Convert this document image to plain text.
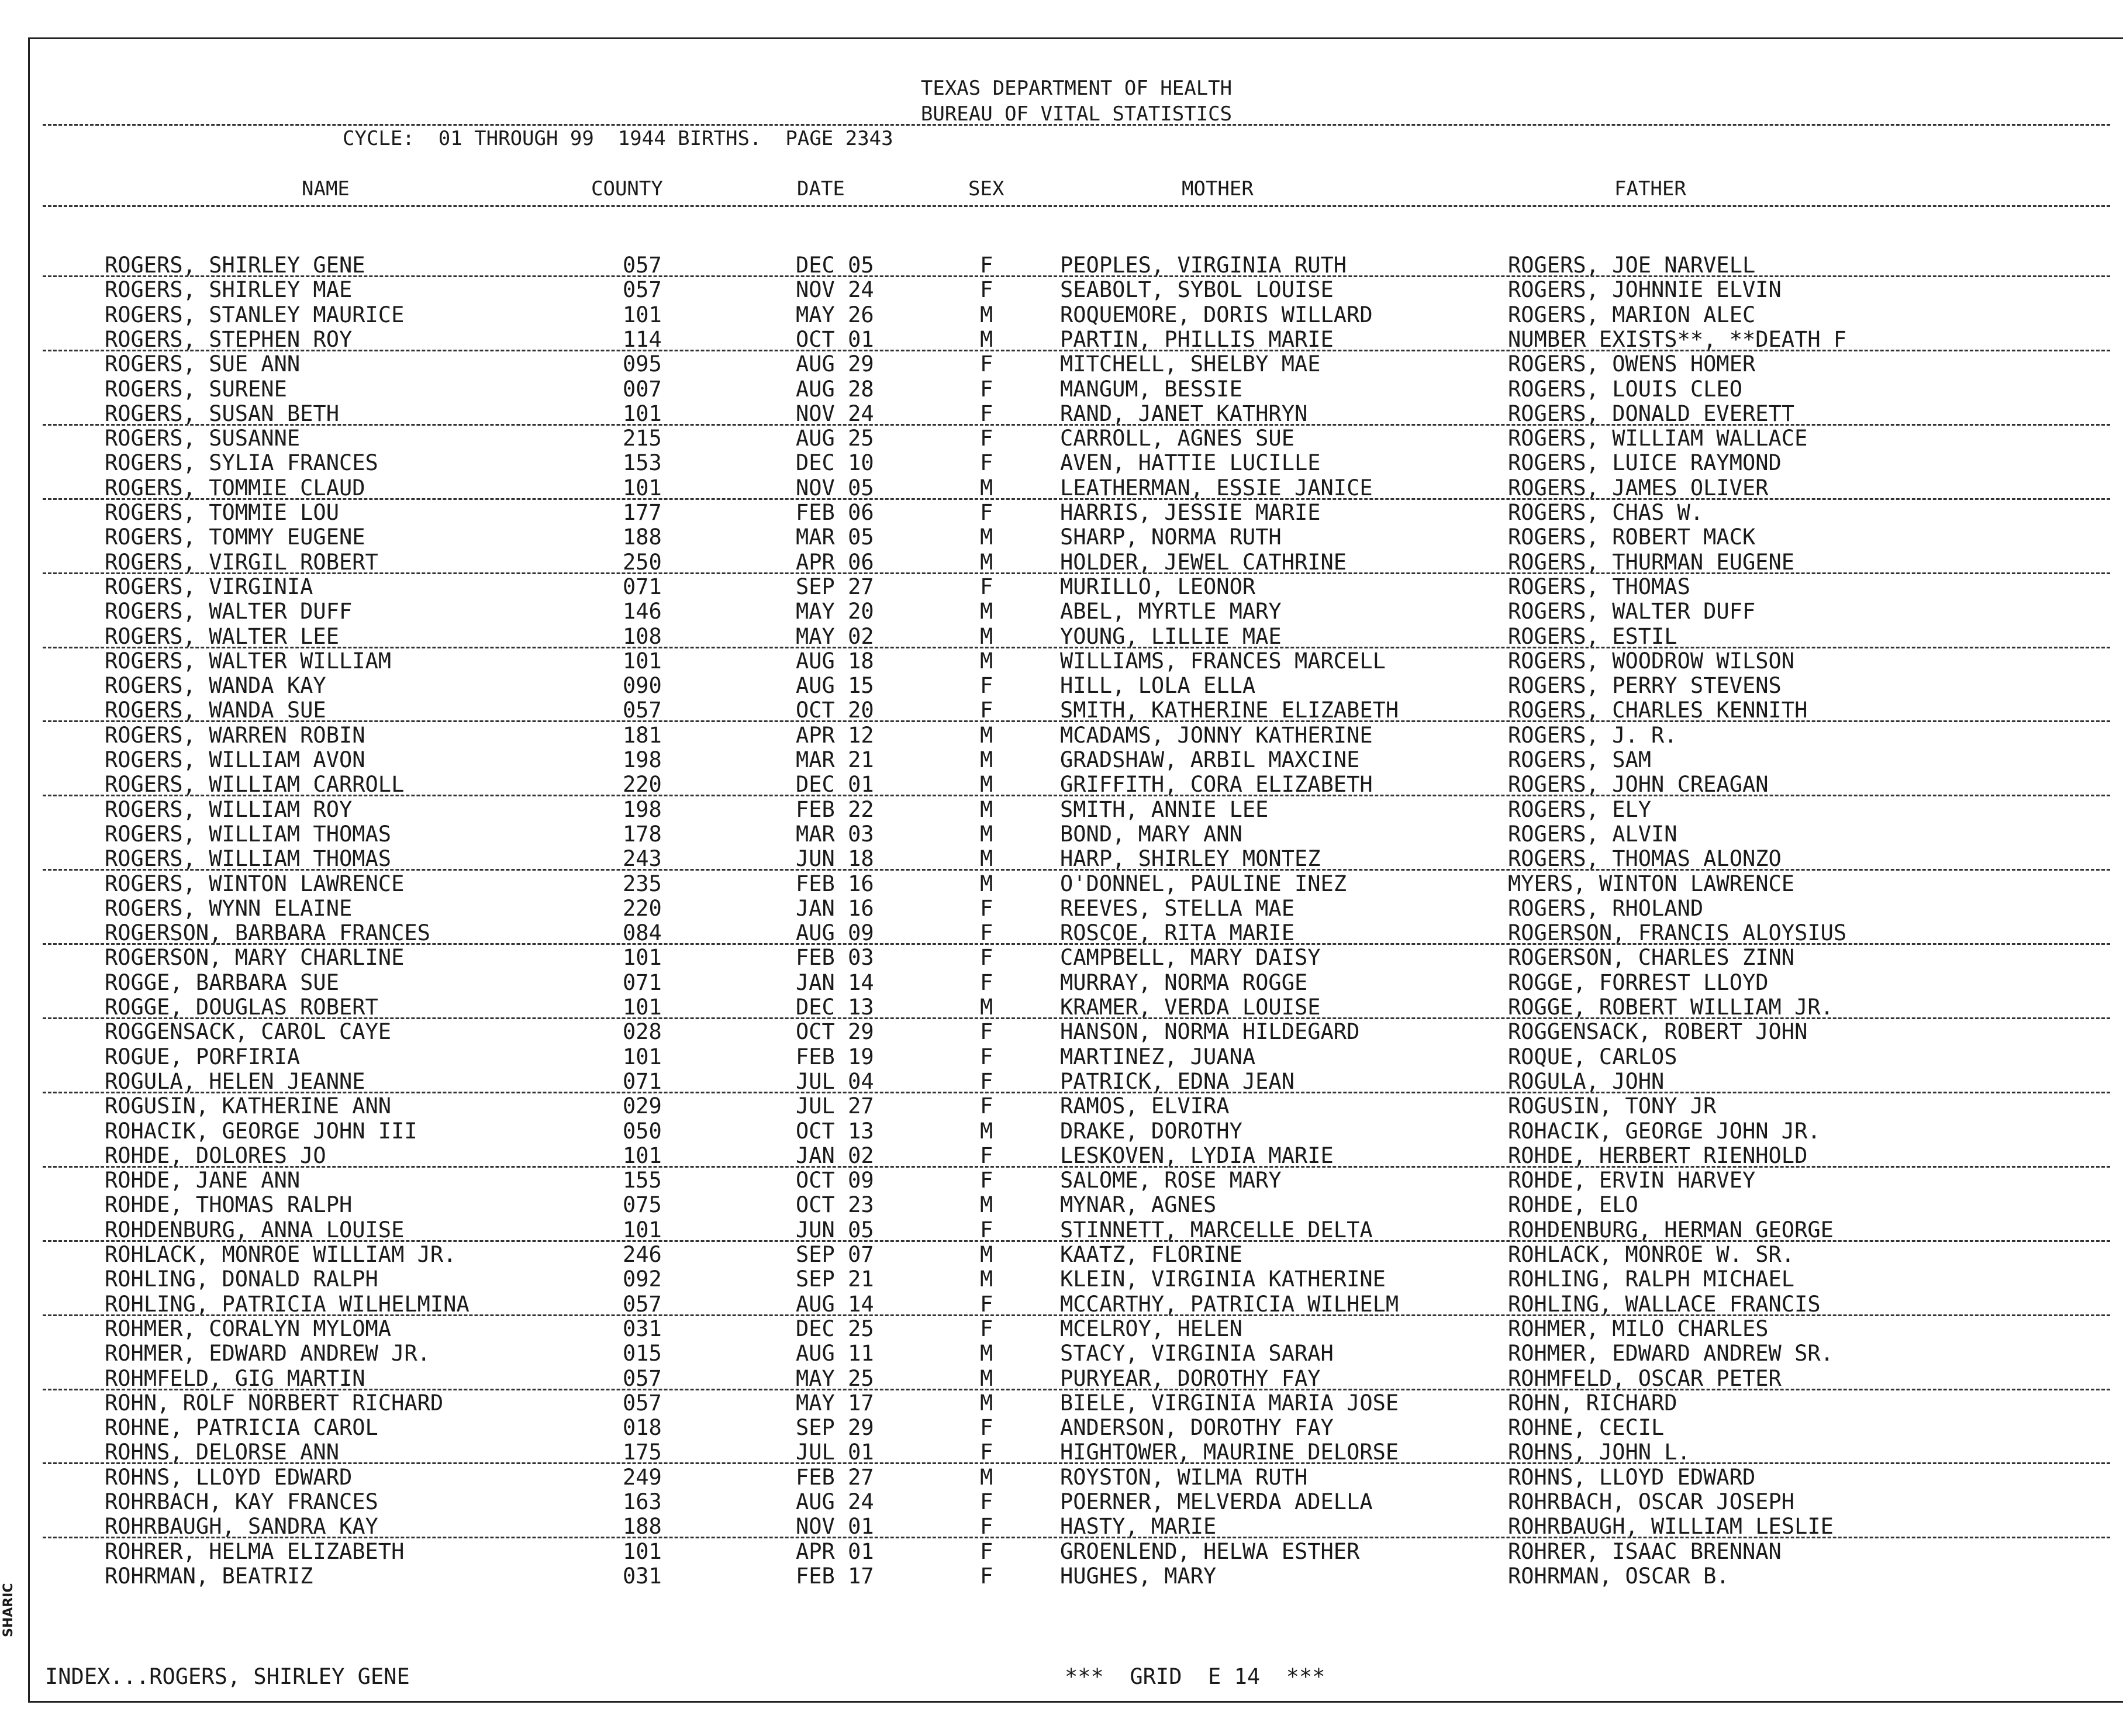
TEXAS DEPARTMENT OF HEALTH
BUREAU OF VITAL STATISTICS
CYCLE:  01 THROUGH 99  1944 BIRTHS.  PAGE 2343
NAME	COUNTY	DATE	SEX	MOTHER	FATHER
ROGERS, SHIRLEY GENE	057	DEC 05	F	PEOPLES, VIRGINIA RUTH	ROGERS, JOE NARVELL
ROGERS, SHIRLEY MAE	057	NOV 24	F	SEABOLT, SYBOL LOUISE	ROGERS, JOHNNIE ELVIN
ROGERS, STANLEY MAURICE	101	MAY 26	M	ROQUEMORE, DORIS WILLARD	ROGERS, MARION ALEC
ROGERS, STEPHEN ROY	114	OCT 01	M	PARTIN, PHILLIS MARIE	NUMBER EXISTS**, **DEATH F
ROGERS, SUE ANN	095	AUG 29	F	MITCHELL, SHELBY MAE	ROGERS, OWENS HOMER
ROGERS, SURENE	007	AUG 28	F	MANGUM, BESSIE	ROGERS, LOUIS CLEO
ROGERS, SUSAN BETH	101	NOV 24	F	RAND, JANET KATHRYN	ROGERS, DONALD EVERETT
ROGERS, SUSANNE	215	AUG 25	F	CARROLL, AGNES SUE	ROGERS, WILLIAM WALLACE
ROGERS, SYLIA FRANCES	153	DEC 10	F	AVEN, HATTIE LUCILLE	ROGERS, LUICE RAYMOND
ROGERS, TOMMIE CLAUD	101	NOV 05	M	LEATHERMAN, ESSIE JANICE	ROGERS, JAMES OLIVER
ROGERS, TOMMIE LOU	177	FEB 06	F	HARRIS, JESSIE MARIE	ROGERS, CHAS W.
ROGERS, TOMMY EUGENE	188	MAR 05	M	SHARP, NORMA RUTH	ROGERS, ROBERT MACK
ROGERS, VIRGIL ROBERT	250	APR 06	M	HOLDER, JEWEL CATHRINE	ROGERS, THURMAN EUGENE
ROGERS, VIRGINIA	071	SEP 27	F	MURILLO, LEONOR	ROGERS, THOMAS
ROGERS, WALTER DUFF	146	MAY 20	M	ABEL, MYRTLE MARY	ROGERS, WALTER DUFF
ROGERS, WALTER LEE	108	MAY 02	M	YOUNG, LILLIE MAE	ROGERS, ESTIL
ROGERS, WALTER WILLIAM	101	AUG 18	M	WILLIAMS, FRANCES MARCELL	ROGERS, WOODROW WILSON
ROGERS, WANDA KAY	090	AUG 15	F	HILL, LOLA ELLA	ROGERS, PERRY STEVENS
ROGERS, WANDA SUE	057	OCT 20	F	SMITH, KATHERINE ELIZABETH	ROGERS, CHARLES KENNITH
ROGERS, WARREN ROBIN	181	APR 12	M	MCADAMS, JONNY KATHERINE	ROGERS, J. R.
ROGERS, WILLIAM AVON	198	MAR 21	M	GRADSHAW, ARBIL MAXCINE	ROGERS, SAM
ROGERS, WILLIAM CARROLL	220	DEC 01	M	GRIFFITH, CORA ELIZABETH	ROGERS, JOHN CREAGAN
ROGERS, WILLIAM ROY	198	FEB 22	M	SMITH, ANNIE LEE	ROGERS, ELY
ROGERS, WILLIAM THOMAS	178	MAR 03	M	BOND, MARY ANN	ROGERS, ALVIN
ROGERS, WILLIAM THOMAS	243	JUN 18	M	HARP, SHIRLEY MONTEZ	ROGERS, THOMAS ALONZO
ROGERS, WINTON LAWRENCE	235	FEB 16	M	O'DONNEL, PAULINE INEZ	MYERS, WINTON LAWRENCE
ROGERS, WYNN ELAINE	220	JAN 16	F	REEVES, STELLA MAE	ROGERS, RHOLAND
ROGERSON, BARBARA FRANCES	084	AUG 09	F	ROSCOE, RITA MARIE	ROGERSON, FRANCIS ALOYSIUS
ROGERSON, MARY CHARLINE	101	FEB 03	F	CAMPBELL, MARY DAISY	ROGERSON, CHARLES ZINN
ROGGE, BARBARA SUE	071	JAN 14	F	MURRAY, NORMA ROGGE	ROGGE, FORREST LLOYD
ROGGE, DOUGLAS ROBERT	101	DEC 13	M	KRAMER, VERDA LOUISE	ROGGE, ROBERT WILLIAM JR.
ROGGENSACK, CAROL CAYE	028	OCT 29	F	HANSON, NORMA HILDEGARD	ROGGENSACK, ROBERT JOHN
ROGUE, PORFIRIA	101	FEB 19	F	MARTINEZ, JUANA	ROQUE, CARLOS
ROGULA, HELEN JEANNE	071	JUL 04	F	PATRICK, EDNA JEAN	ROGULA, JOHN
ROGUSIN, KATHERINE ANN	029	JUL 27	F	RAMOS, ELVIRA	ROGUSIN, TONY JR
ROHACIK, GEORGE JOHN III	050	OCT 13	M	DRAKE, DOROTHY	ROHACIK, GEORGE JOHN JR.
ROHDE, DOLORES JO	101	JAN 02	F	LESKOVEN, LYDIA MARIE	ROHDE, HERBERT RIENHOLD
ROHDE, JANE ANN	155	OCT 09	F	SALOME, ROSE MARY	ROHDE, ERVIN HARVEY
ROHDE, THOMAS RALPH	075	OCT 23	M	MYNAR, AGNES	ROHDE, ELO
ROHDENBURG, ANNA LOUISE	101	JUN 05	F	STINNETT, MARCELLE DELTA	ROHDENBURG, HERMAN GEORGE
ROHLACK, MONROE WILLIAM JR.	246	SEP 07	M	KAATZ, FLORINE	ROHLACK, MONROE W. SR.
ROHLING, DONALD RALPH	092	SEP 21	M	KLEIN, VIRGINIA KATHERINE	ROHLING, RALPH MICHAEL
ROHLING, PATRICIA WILHELMINA	057	AUG 14	F	MCCARTHY, PATRICIA WILHELM	ROHLING, WALLACE FRANCIS
ROHMER, CORALYN MYLOMA	031	DEC 25	F	MCELROY, HELEN	ROHMER, MILO CHARLES
ROHMER, EDWARD ANDREW JR.	015	AUG 11	M	STACY, VIRGINIA SARAH	ROHMER, EDWARD ANDREW SR.
ROHMFELD, GIG MARTIN	057	MAY 25	M	PURYEAR, DOROTHY FAY	ROHMFELD, OSCAR PETER
ROHN, ROLF NORBERT RICHARD	057	MAY 17	M	BIELE, VIRGINIA MARIA JOSE	ROHN, RICHARD
ROHNE, PATRICIA CAROL	018	SEP 29	F	ANDERSON, DOROTHY FAY	ROHNE, CECIL
ROHNS, DELORSE ANN	175	JUL 01	F	HIGHTOWER, MAURINE DELORSE	ROHNS, JOHN L.
ROHNS, LLOYD EDWARD	249	FEB 27	M	ROYSTON, WILMA RUTH	ROHNS, LLOYD EDWARD
ROHRBACH, KAY FRANCES	163	AUG 24	F	POERNER, MELVERDA ADELLA	ROHRBACH, OSCAR JOSEPH
ROHRBAUGH, SANDRA KAY	188	NOV 01	F	HASTY, MARIE	ROHRBAUGH, WILLIAM LESLIE
ROHRER, HELMA ELIZABETH	101	APR 01	F	GROENLEND, HELWA ESTHER	ROHRER, ISAAC BRENNAN
ROHRMAN, BEATRIZ	031	FEB 17	F	HUGHES, MARY	ROHRMAN, OSCAR B.
INDEX...ROGERS, SHIRLEY GENE	***  GRID  E 14  ***
SHARIC
